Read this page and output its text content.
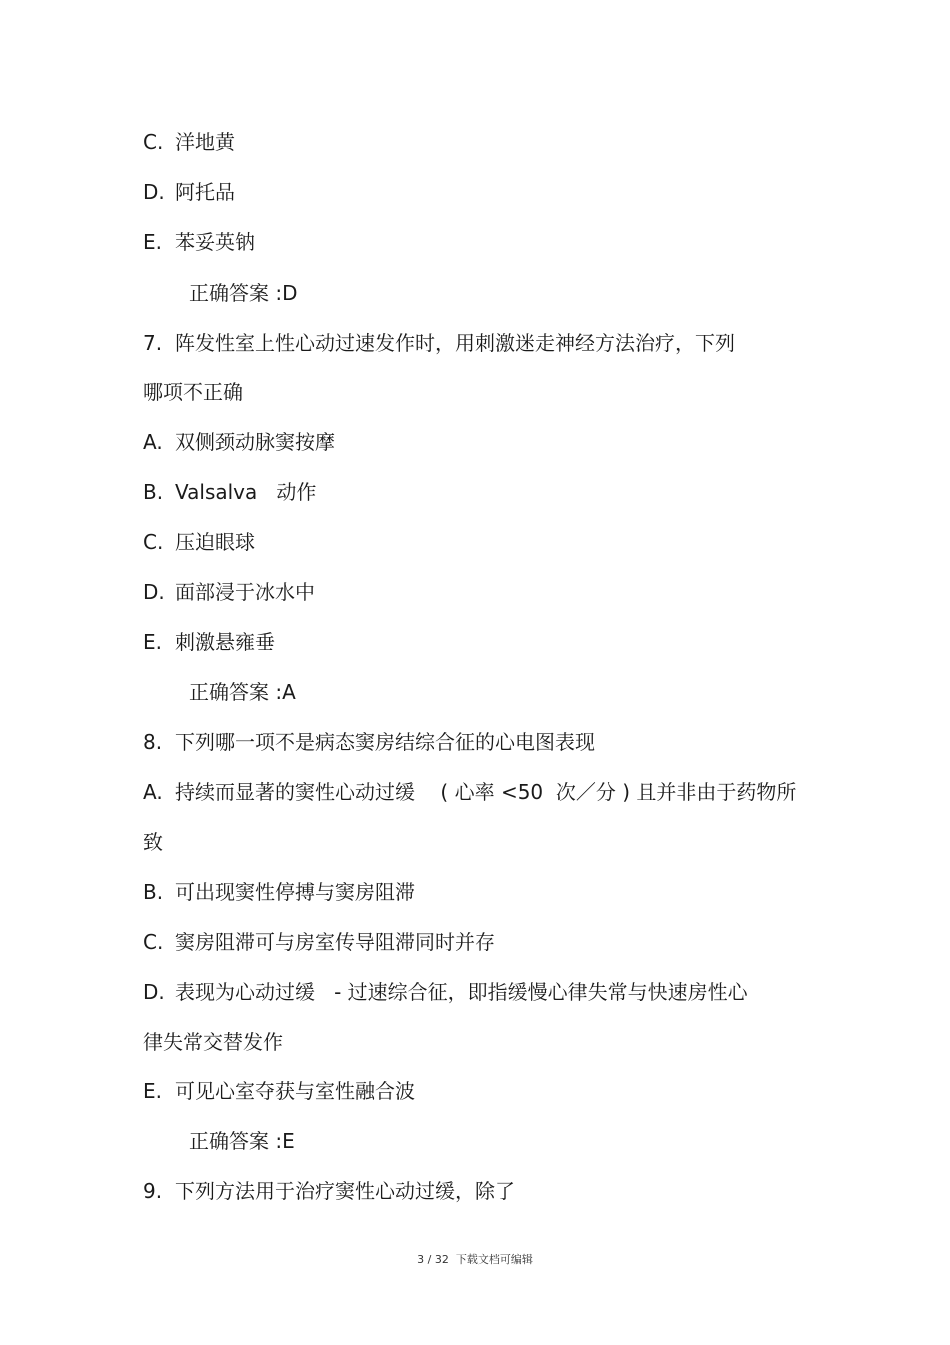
C. 洋地黄
D. 阿托品
E. 苯妥英钠
正确答案 :D
7. 阵发性室上性心动过速发作时，用刺激迷走神经方法治疗，下列
哪项不正确
A. 双侧颈动脉窦按摩
B. Valsalva   动作
C. 压迫眼球
D. 面部浸于冰水中
E. 刺激悬雍垂
正确答案 :A
8. 下列哪一项不是病态窦房结综合征的心电图表现
A. 持续而显著的窦性心动过缓    ( 心率 <50  次／分 ) 且并非由于药物所
致
B. 可出现窦性停搏与窦房阻滞
C. 窦房阻滞可与房室传导阻滞同时并存
D. 表现为心动过缓   - 过速综合征，即指缓慢心律失常与快速房性心
律失常交替发作
E. 可见心室夺获与室性融合波
正确答案 :E
9. 下列方法用于治疗窦性心动过缓，除了
3 / 32  下载文档可编辑
